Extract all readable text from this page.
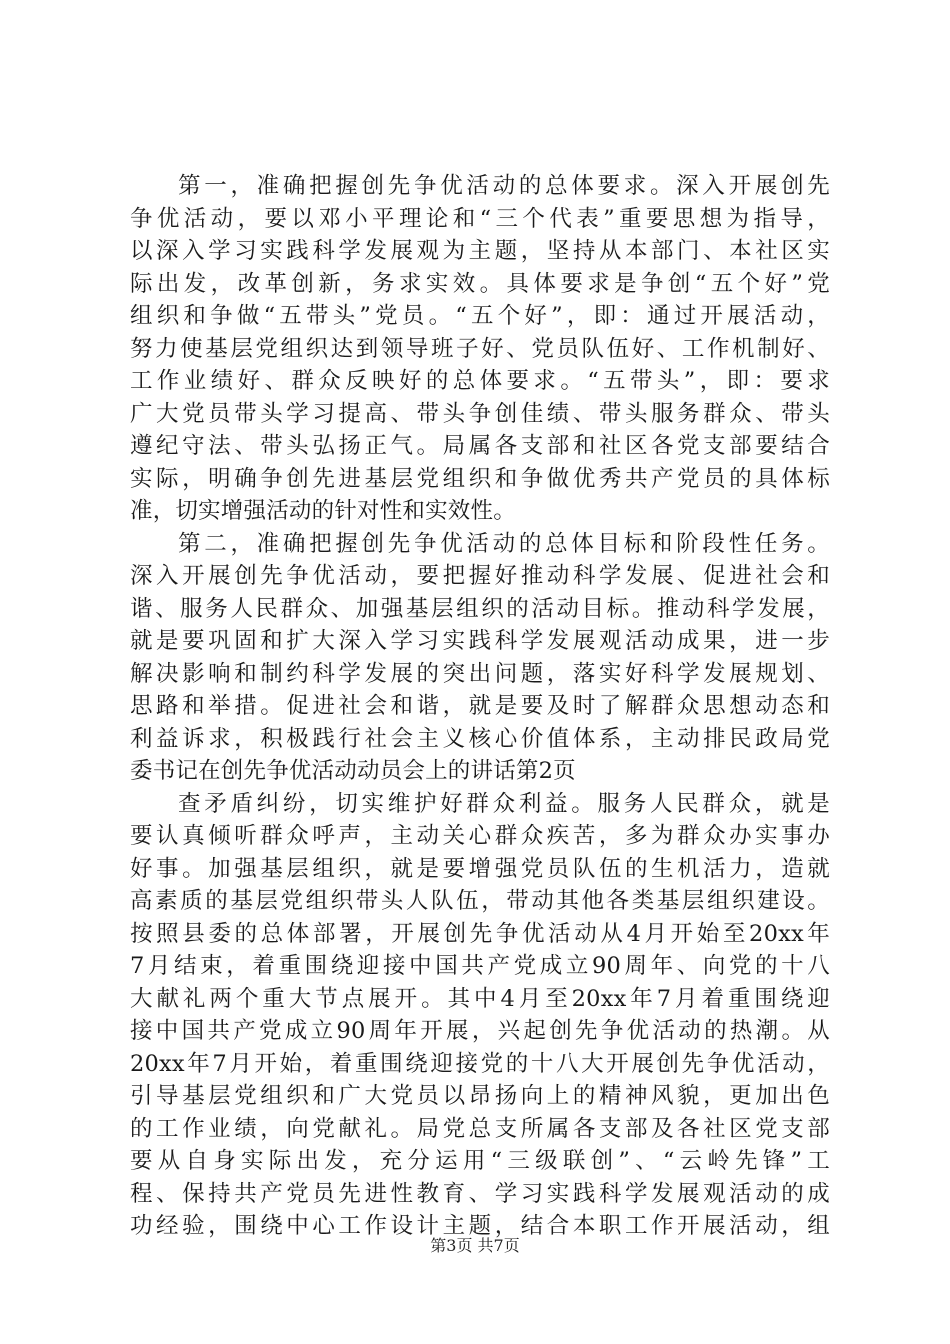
第一，准确把握创先争优活动的总体要求。深入开展创先
争优活动，要以邓小平理论和“三个代表”重要思想为指导，
以深入学习实践科学发展观为主题，坚持从本部门、本社区实
际出发，改革创新，务求实效。具体要求是争创“五个好”党
组织和争做“五带头”党员。“五个好”，即：通过开展活动，
努力使基层党组织达到领导班子好、党员队伍好、工作机制好、
工作业绩好、群众反映好的总体要求。“五带头”，即：要求
广大党员带头学习提高、带头争创佳绩、带头服务群众、带头
遵纪守法、带头弘扬正气。局属各支部和社区各党支部要结合
实际，明确争创先进基层党组织和争做优秀共产党员的具体标
准，切实增强活动的针对性和实效性。
第二，准确把握创先争优活动的总体目标和阶段性任务。
深入开展创先争优活动，要把握好推动科学发展、促进社会和
谐、服务人民群众、加强基层组织的活动目标。推动科学发展，
就是要巩固和扩大深入学习实践科学发展观活动成果，进一步
解决影响和制约科学发展的突出问题，落实好科学发展规划、
思路和举措。促进社会和谐，就是要及时了解群众思想动态和
利益诉求，积极践行社会主义核心价值体系，主动排民政局党
委书记在创先争优活动动员会上的讲话第2页
查矛盾纠纷，切实维护好群众利益。服务人民群众，就是
要认真倾听群众呼声，主动关心群众疾苦，多为群众办实事办
好事。加强基层组织，就是要增强党员队伍的生机活力，造就
高素质的基层党组织带头人队伍，带动其他各类基层组织建设。
按照县委的总体部署，开展创先争优活动从4月开始至20xx年
7月结束，着重围绕迎接中国共产党成立90周年、向党的十八
大献礼两个重大节点展开。其中4月至20xx年7月着重围绕迎
接中国共产党成立90周年开展，兴起创先争优活动的热潮。从
20xx年7月开始，着重围绕迎接党的十八大开展创先争优活动，
引导基层党组织和广大党员以昂扬向上的精神风貌，更加出色
的工作业绩，向党献礼。局党总支所属各支部及各社区党支部
要从自身实际出发，充分运用“三级联创”、“云岭先锋”工
程、保持共产党员先进性教育、学习实践科学发展观活动的成
功经验，围绕中心工作设计主题，结合本职工作开展活动，组
第3页 共7页
